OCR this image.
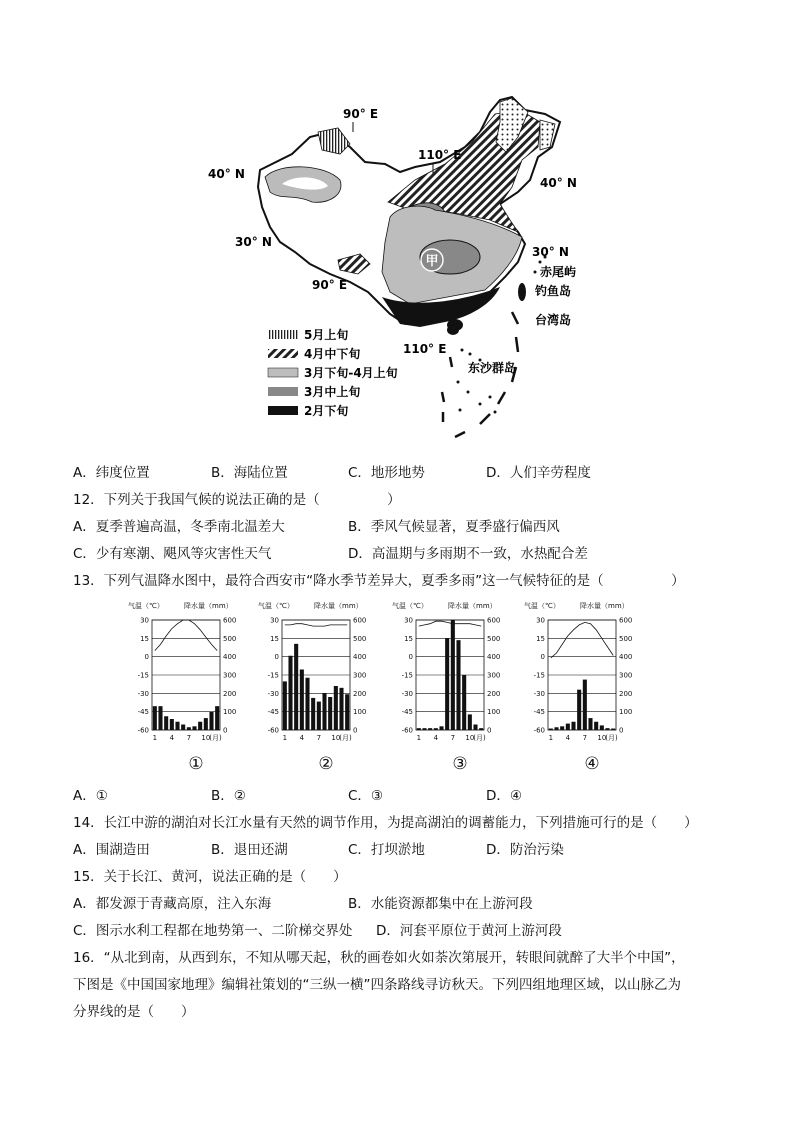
甲
90° E
110° E
40° N
30° N
90° E
40° N
30° N
110° E
赤尾屿
钓鱼岛
台湾岛
东沙群岛
5月上旬
4月中下旬
3月下旬-4月上旬
3月中上旬
2月下旬
A．纬度位置	B．海陆位置	C．地形地势	D．人们辛劳程度
12．下列关于我国气候的说法正确的是（　　　　　）
A．夏季普遍高温，冬季南北温差大	B．季风气候显著，夏季盛行偏西风
C．少有寒潮、飓风等灾害性天气	D．高温期与多雨期不一致，水热配合差
13．下列气温降水图中，最符合西安市“降水季节差异大，夏季多雨”这一气候特征的是（　　　　　）
气温（℃）	降水量（mm）
30	600
15	500
0	400
-15	300
-30	200
-45	100
-60	0
1 4 7 10
(月)
气温（℃）	降水量（mm）
30	600
15	500
0	400
-15	300
-30	200
-45	100
-60	0
1 4 7 10
(月)
气温（℃）	降水量（mm）
30	600
15	500
0	400
-15	300
-30	200
-45	100
-60	0
1 4 7 10
(月)
气温（℃）	降水量（mm）
30	600
15	500
0	400
-15	300
-30	200
-45	100
-60	0
1 4 7 10
(月)
①	②	③	④
A．①	B．②	C．③	D．④
14．长江中游的湖泊对长江水量有天然的调节作用，为提高湖泊的调蓄能力，下列措施可行的是（　　）
A．围湖造田	B．退田还湖	C．打坝淤地	D．防治污染
15．关于长江、黄河，说法正确的是（　　）
A．都发源于青藏高原，注入东海	B．水能资源都集中在上游河段
C．图示水利工程都在地势第一、二阶梯交界处 D．河套平原位于黄河上游河段
16．“从北到南，从西到东，不知从哪天起，秋的画卷如火如荼次第展开，转眼间就醉了大半个中国”，
下图是《中国国家地理》编辑社策划的“三纵一横”四条路线寻访秋天。下列四组地理区域，以山脉乙为
分界线的是（　　）
